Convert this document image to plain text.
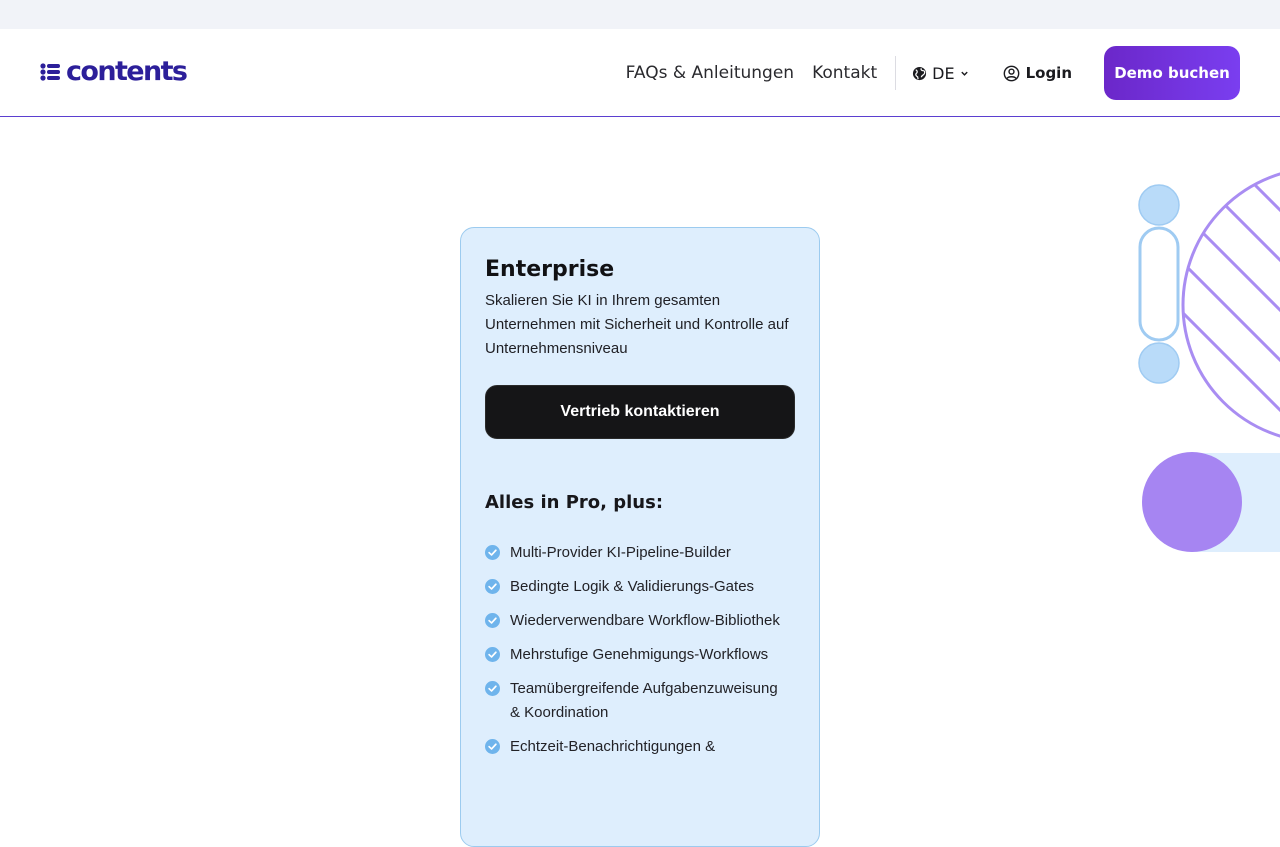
contents	FAQs & Anleitungen Kontakt	DE	Login	Demo buchen
Enterprise

Skalieren Sie KI in Ihrem gesamten Unternehmen mit Sicherheit und Kontrolle auf Unternehmensniveau

Vertrieb kontaktieren
Alles in Pro, plus:
Multi-Provider KI-Pipeline-Builder
Bedingte Logik & Validierungs-Gates
Wiederverwendbare Workflow-Bibliothek
Mehrstufige Genehmigungs-Workflows
Teamübergreifende Aufgabenzuweisung & Koordination
Echtzeit-Benachrichtigungen &
